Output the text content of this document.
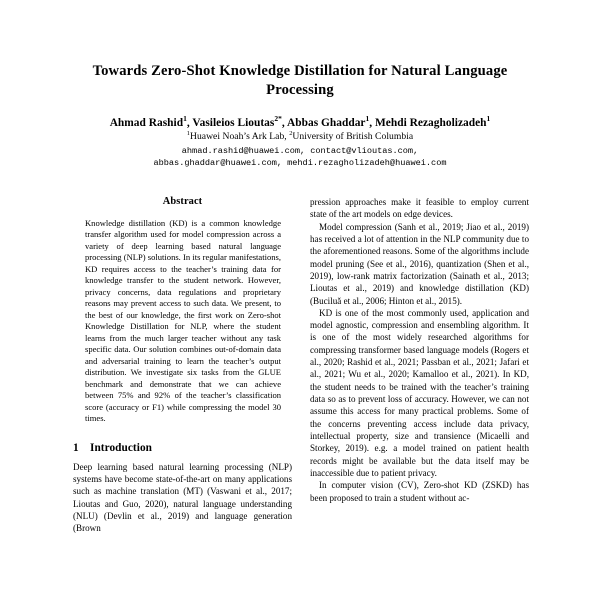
Towards Zero-Shot Knowledge Distillation for Natural Language Processing
Ahmad Rashid$^1$, Vasileios Lioutas$^{2*}$, Abbas Ghaddar$^1$, Mehdi Rezagholizadeh$^1$
$^1$Huawei Noah’s Ark Lab, $^2$University of British Columbia
ahmad.rashid@huawei.com, contact@vlioutas.com,
abbas.ghaddar@huawei.com, mehdi.rezagholizadeh@huawei.com
Abstract

Knowledge distillation (KD) is a common knowledge transfer algorithm used for model compression across a variety of deep learning based natural language processing (NLP) solutions. In its regular manifestations, KD requires access to the teacher’s training data for knowledge transfer to the student network. However, privacy concerns, data regulations and proprietary reasons may prevent access to such data. We present, to the best of our knowledge, the first work on Zero-shot Knowledge Distillation for NLP, where the student learns from the much larger teacher without any task specific data. Our solution combines out-of-domain data and adversarial training to learn the teacher’s output distribution. We investigate six tasks from the GLUE benchmark and demonstrate that we can achieve between 75% and 92% of the teacher’s classification score (accuracy or F1) while compressing the model 30 times.

1 Introduction

Deep learning based natural learning processing (NLP) systems have become state-of-the-art on many applications such as machine translation (MT) (Vaswani et al., 2017; Lioutas and Guo, 2020), natural language understanding (NLU) (Devlin et al., 2019) and language generation (Brown

pression approaches make it feasible to employ current state of the art models on edge devices.

Model compression (Sanh et al., 2019; Jiao et al., 2019) has received a lot of attention in the NLP community due to the aforementioned reasons. Some of the algorithms include model pruning (See et al., 2016), quantization (Shen et al., 2019), low-rank matrix factorization (Sainath et al., 2013; Lioutas et al., 2019) and knowledge distillation (KD) (Buciluǎ et al., 2006; Hinton et al., 2015).

KD is one of the most commonly used, application and model agnostic, compression and ensembling algorithm. It is one of the most widely researched algorithms for compressing transformer based language models (Rogers et al., 2020; Rashid et al., 2021; Passban et al., 2021; Jafari et al., 2021; Wu et al., 2020; Kamalloo et al., 2021). In KD, the student needs to be trained with the teacher’s training data so as to prevent loss of accuracy. However, we can not assume this access for many practical problems. Some of the concerns preventing access include data privacy, intellectual property, size and transience (Micaelli and Storkey, 2019). e.g. a model trained on patient health records might be available but the data itself may be inaccessible due to patient privacy.

In computer vision (CV), Zero-shot KD (ZSKD) has been proposed to train a student without ac-
